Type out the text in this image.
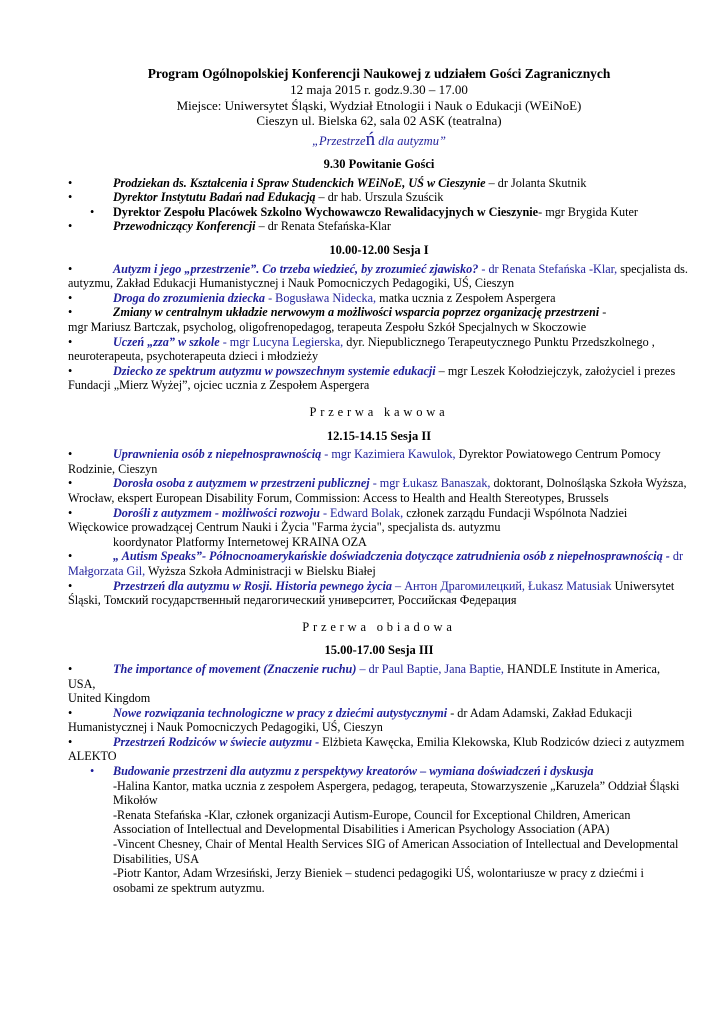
Program Ogólnopolskiej Konferencji Naukowej z udziałem Gości Zagranicznych
12 maja 2015 r. godz.9.30 – 17.00
Miejsce: Uniwersytet Śląski, Wydział Etnologii i Nauk o Edukacji (WEiNoE)
Cieszyn ul. Bielska 62, sala 02 ASK (teatralna)
„Przestrzeń dla autyzmu”
9.30 Powitanie Gości
•	Prodziekan ds. Kształcenia i Spraw Studenckich WEiNoE, UŚ w Cieszynie – dr Jolanta Skutnik
•	Dyrektor Instytutu Badań nad Edukacją – dr hab. Urszula Szuścik
• Dyrektor Zespołu Placówek Szkolno Wychowawczo Rewalidacyjnych w Cieszynie- mgr Brygida Kuter
•	Przewodniczący Konferencji – dr Renata Stefańska-Klar
10.00-12.00 Sesja I
•	Autyzm i jego „przestrzenie”. Co trzeba wiedzieć, by zrozumieć zjawisko? - dr Renata Stefańska -Klar, specjalista ds.
autyzmu, Zakład Edukacji Humanistycznej i Nauk Pomocniczych Pedagogiki, UŚ, Cieszyn
•	Droga do zrozumienia dziecka - Bogusława Nidecka, matka ucznia z Zespołem Aspergera
•	Zmiany w centralnym układzie nerwowym a możliwości wsparcia poprzez organizację przestrzeni -
mgr Mariusz Bartczak, psycholog, oligofrenopedagog, terapeuta Zespołu Szkół Specjalnych w Skoczowie
•	Uczeń „zza” w szkole - mgr Lucyna Legierska, dyr. Niepublicznego Terapeutycznego Punktu Przedszkolnego ,
neuroterapeuta, psychoterapeuta dzieci i młodzieży
•	Dziecko ze spektrum autyzmu w powszechnym systemie edukacji – mgr Leszek Kołodziejczyk, założyciel i prezes
Fundacji „Mierz Wyżej”, ojciec ucznia z Zespołem Aspergera
Przerwa kawowa
12.15-14.15 Sesja II
•	Uprawnienia osób z niepełnosprawnością - mgr Kazimiera Kawulok, Dyrektor Powiatowego Centrum Pomocy
Rodzinie, Cieszyn
•	Dorosła osoba z autyzmem w przestrzeni publicznej - mgr Łukasz Banaszak, doktorant, Dolnośląska Szkoła Wyższa,
Wrocław, ekspert European Disability Forum, Commission: Access to Health and Health Stereotypes, Brussels
•	Dorośli z autyzmem - możliwości rozwoju - Edward Bolak, członek zarządu Fundacji Wspólnota Nadziei
Więckowice prowadzącej Centrum Nauki i Życia "Farma życia", specjalista ds. autyzmu
koordynator Platformy Internetowej KRAINA OZA
•	„ Autism Speaks”- Północnoamerykańskie doświadczenia dotyczące zatrudnienia osób z niepełnosprawnością - dr
Małgorzata Gil, Wyższa Szkoła Administracji w Bielsku Białej
•	Przestrzeń dla autyzmu w Rosji. Historia pewnego życia – Антон Драгомилецкий, Łukasz Matusiak Uniwersytet
Śląski, Томский государственный педагогический университет, Российская Федерация
Przerwa obiadowa
15.00-17.00 Sesja III
•	The importance of movement (Znaczenie ruchu) – dr Paul Baptie, Jana Baptie, HANDLE Institute in America, USA,
United Kingdom
•	Nowe rozwiązania technologiczne w pracy z dziećmi autystycznymi - dr Adam Adamski, Zakład Edukacji
Humanistycznej i Nauk Pomocniczych Pedagogiki, UŚ, Cieszyn
•	Przestrzeń Rodziców w świecie autyzmu - Elżbieta Kawęcka, Emilia Klekowska, Klub Rodziców dzieci z autyzmem
ALEKTO
• Budowanie przestrzeni dla autyzmu z perspektywy kreatorów – wymiana doświadczeń i dyskusja
-Halina Kantor, matka ucznia z zespołem Aspergera, pedagog, terapeuta, Stowarzyszenie „Karuzela” Oddział Śląski
Mikołów
-Renata Stefańska -Klar, członek organizacji Autism-Europe, Council for Exceptional Children, American
Association of Intellectual and Developmental Disabilities i American Psychology Association (APA)
-Vincent Chesney, Chair of Mental Health Services SIG of American Association of Intellectual and Developmental
Disabilities, USA
-Piotr Kantor, Adam Wrzesiński, Jerzy Bieniek – studenci pedagogiki UŚ, wolontariusze w pracy z dziećmi i
osobami ze spektrum autyzmu.
